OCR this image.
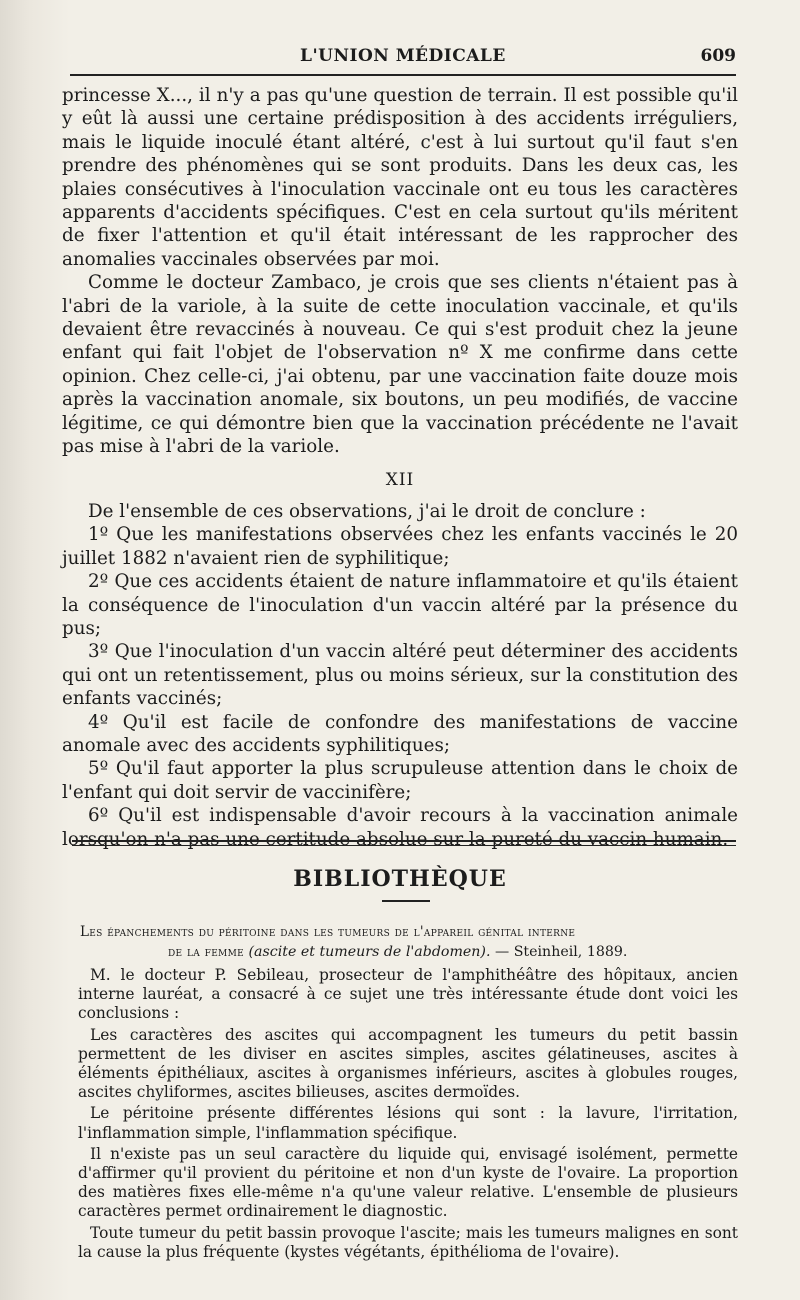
L'UNION MÉDICALE	609

princesse X..., il n'y a pas qu'une question de terrain. Il est possible qu'il y eût là aussi une certaine prédisposition à des accidents irréguliers, mais le liquide inoculé étant altéré, c'est à lui surtout qu'il faut s'en prendre des phénomènes qui se sont produits. Dans les deux cas, les plaies consécutives à l'inoculation vaccinale ont eu tous les caractères apparents d'accidents spécifiques. C'est en cela surtout qu'ils méritent de fixer l'attention et qu'il était intéressant de les rapprocher des anomalies vaccinales observées par moi.

Comme le docteur Zambaco, je crois que ses clients n'étaient pas à l'abri de la variole, à la suite de cette inoculation vaccinale, et qu'ils devaient être revaccinés à nouveau. Ce qui s'est produit chez la jeune enfant qui fait l'objet de l'observation nº X me confirme dans cette opinion. Chez celle-ci, j'ai obtenu, par une vaccination faite douze mois après la vaccination anomale, six boutons, un peu modifiés, de vaccine légitime, ce qui démontre bien que la vaccination précédente ne l'avait pas mise à l'abri de la variole.

XII

De l'ensemble de ces observations, j'ai le droit de conclure :

1º Que les manifestations observées chez les enfants vaccinés le 20 juillet 1882 n'avaient rien de syphilitique;

2º Que ces accidents étaient de nature inflammatoire et qu'ils étaient la conséquence de l'inoculation d'un vaccin altéré par la présence du pus;

3º Que l'inoculation d'un vaccin altéré peut déterminer des accidents qui ont un retentissement, plus ou moins sérieux, sur la constitution des enfants vaccinés;

4º Qu'il est facile de confondre des manifestations de vaccine anomale avec des accidents syphilitiques;

5º Qu'il faut apporter la plus scrupuleuse attention dans le choix de l'enfant qui doit servir de vaccinifère;

6º Qu'il est indispensable d'avoir recours à la vaccination animale lorsqu'on n'a pas une certitude absolue sur la pureté du vaccin humain.

BIBLIOTHÈQUE
Les épanchements du péritoine dans les tumeurs de l'appareil génital interne
de la femme (ascite et tumeurs de l'abdomen). — Steinheil, 1889.

M. le docteur P. Sebileau, prosecteur de l'amphithéâtre des hôpitaux, ancien interne lauréat, a consacré à ce sujet une très intéressante étude dont voici les conclusions :

Les caractères des ascites qui accompagnent les tumeurs du petit bassin permettent de les diviser en ascites simples, ascites gélatineuses, ascites à éléments épithéliaux, ascites à organismes inférieurs, ascites à globules rouges, ascites chyliformes, ascites bilieuses, ascites dermoïdes.

Le péritoine présente différentes lésions qui sont : la lavure, l'irritation, l'inflammation simple, l'inflammation spécifique.

Il n'existe pas un seul caractère du liquide qui, envisagé isolément, permette d'affirmer qu'il provient du péritoine et non d'un kyste de l'ovaire. La proportion des matières fixes elle-même n'a qu'une valeur relative. L'ensemble de plusieurs caractères permet ordinairement le diagnostic.

Toute tumeur du petit bassin provoque l'ascite; mais les tumeurs malignes en sont la cause la plus fréquente (kystes végétants, épithélioma de l'ovaire).
